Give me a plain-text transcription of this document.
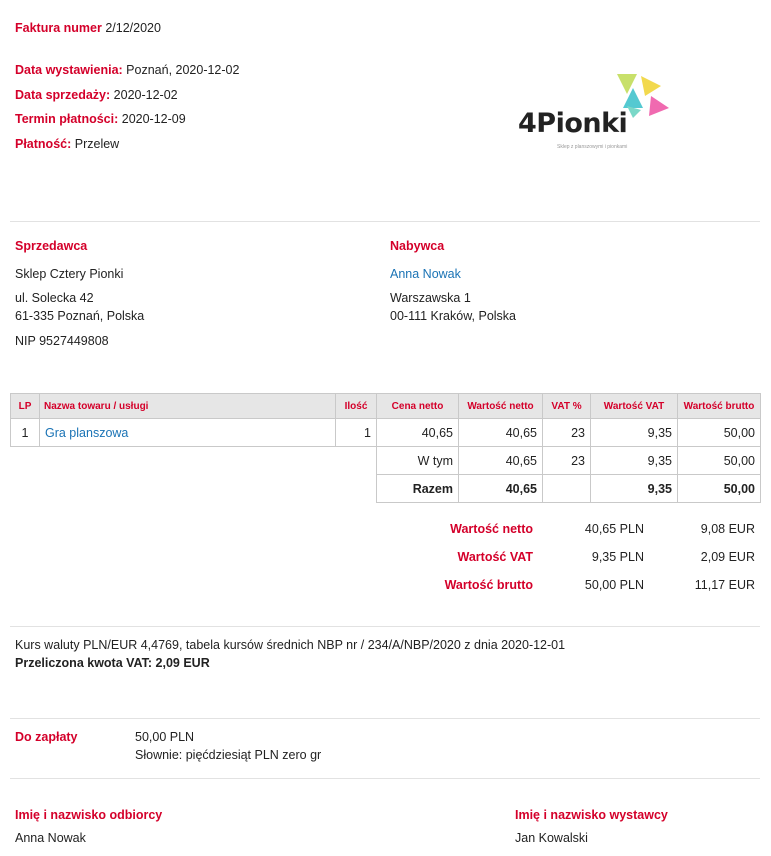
Faktura numer 2/12/2020
Data wystawienia: Poznań, 2020-12-02
Data sprzedaży: 2020-12-02
Termin płatności: 2020-12-09
Płatność: Przelew
4Pionki
Sklep z planszowymi i pionkami
Sprzedawca
Sklep Cztery Pionki
ul. Solecka 42
61-335 Poznań, Polska
NIP 9527449808
Nabywca
Anna Nowak
Warszawska 1
00-111 Kraków, Polska
LP	Nazwa towaru / usługi	Ilość	Cena netto	Wartość netto	VAT %	Wartość VAT	Wartość brutto
1	Gra planszowa	1	40,65	40,65	23	9,35	50,00
			W tym	40,65	23	9,35	50,00
			Razem	40,65		9,35	50,00
Wartość netto	40,65 PLN	9,08 EUR
Wartość VAT	9,35 PLN	2,09 EUR
Wartość brutto	50,00 PLN	11,17 EUR
Kurs waluty PLN/EUR 4,4769, tabela kursów średnich NBP nr / 234/A/NBP/2020 z dnia 2020-12-01
Przeliczona kwota VAT: 2,09 EUR
Do zapłaty	50,00 PLN
Słownie: pięćdziesiąt PLN zero gr
Imię i nazwisko odbiorcy
Anna Nowak
Imię i nazwisko wystawcy
Jan Kowalski
